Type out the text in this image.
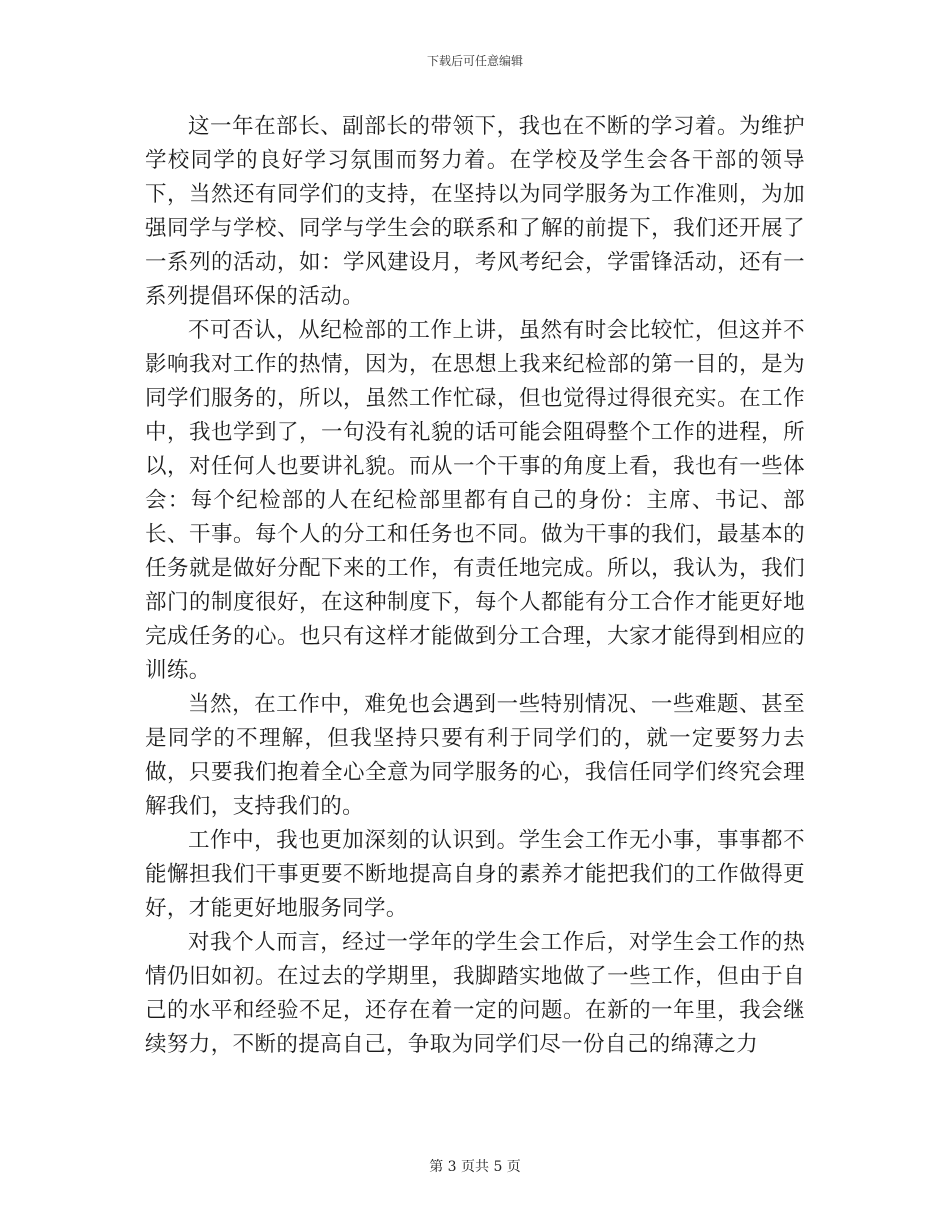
下载后可任意编辑

这一年在部长、副部长的带领下，我也在不断的学习着。为维护学校同学的良好学习氛围而努力着。在学校及学生会各干部的领导下，当然还有同学们的支持，在坚持以为同学服务为工作准则，为加强同学与学校、同学与学生会的联系和了解的前提下，我们还开展了一系列的活动，如：学风建设月，考风考纪会，学雷锋活动，还有一系列提倡环保的活动。

不可否认，从纪检部的工作上讲，虽然有时会比较忙，但这并不影响我对工作的热情，因为，在思想上我来纪检部的第一目的，是为同学们服务的，所以，虽然工作忙碌，但也觉得过得很充实。在工作中，我也学到了，一句没有礼貌的话可能会阻碍整个工作的进程，所以，对任何人也要讲礼貌。而从一个干事的角度上看，我也有一些体会：每个纪检部的人在纪检部里都有自己的身份：主席、书记、部长、干事。每个人的分工和任务也不同。做为干事的我们，最基本的任务就是做好分配下来的工作，有责任地完成。所以，我认为，我们部门的制度很好，在这种制度下，每个人都能有分工合作才能更好地完成任务的心。也只有这样才能做到分工合理，大家才能得到相应的训练。

当然，在工作中，难免也会遇到一些特别情况、一些难题、甚至是同学的不理解，但我坚持只要有利于同学们的，就一定要努力去做，只要我们抱着全心全意为同学服务的心，我信任同学们终究会理解我们，支持我们的。

工作中，我也更加深刻的认识到。学生会工作无小事，事事都不能懈担我们干事更要不断地提高自身的素养才能把我们的工作做得更好，才能更好地服务同学。

对我个人而言，经过一学年的学生会工作后，对学生会工作的热情仍旧如初。在过去的学期里，我脚踏实地做了一些工作，但由于自己的水平和经验不足，还存在着一定的问题。在新的一年里，我会继续努力，不断的提高自己，争取为同学们尽一份自己的绵薄之力

第 3 页共 5 页
